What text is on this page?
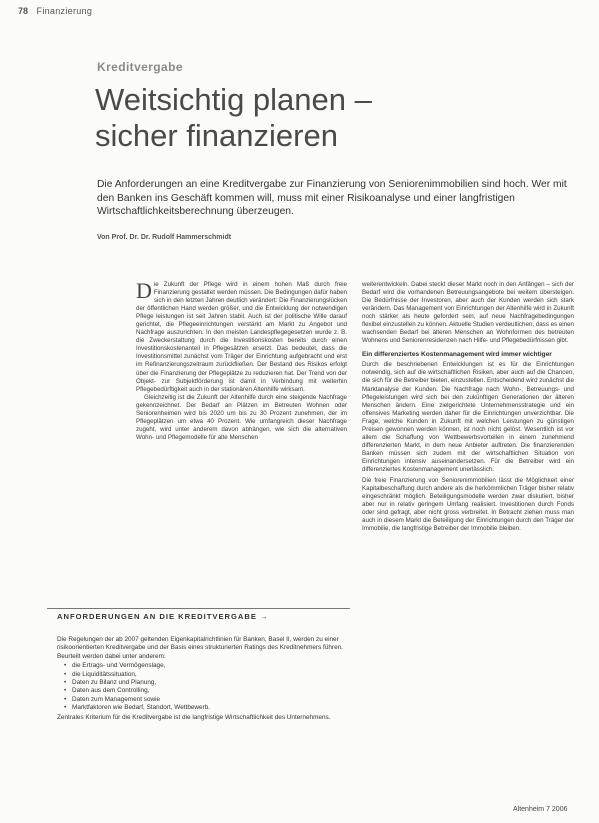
78 Finanzierung
Kreditvergabe
Weitsichtig planen –
sicher finanzieren
Die Anforderungen an eine Kreditvergabe zur Finanzierung von Seniorenimmobilien sind hoch. Wer mit den Banken ins Geschäft kommen will, muss mit einer Risikoanalyse und einer langfristigen Wirtschaftlichkeitsberechnung überzeugen.
Von Prof. Dr. Dr. Rudolf Hammerschmidt

Die Zukunft der Pflege wird in einem hohen Maß durch freie Finanzierung gestaltet werden müssen. Die Bedingungen dafür haben sich in den letzten Jahren deutlich verändert: Die Finanzierungslücken der öffentlichen Hand werden größer, und die Entwicklung der notwendigen Pflege leistungen ist seit Jahren stabil. Auch ist der politische Wille darauf gerichtet, die Pflegeeinrichtungen verstärkt am Markt zu Angebot und Nachfrage auszurichten. In den meisten Landespflegegesetzen wurde z. B. die Zweckerstattung durch die Investitionskosten bereits durch einen Investitionskostenanteil in Pflegesätzen ersetzt. Das bedeutet, dass die Investitionsmittel zunächst vom Träger der Einrichtung aufgebracht und erst im Refinanzierungszeitraum zurückfließen. Der Bestand des Risikos erfolgt über die Finanzierung der Pflegeplätze zu reduzieren hat. Der Trend von der Objekt- zur Subjektförderung ist damit in Verbindung mit weiterhin Pflegebedürftigkeit auch in der stationären Altenhilfe wirksam.

Gleichzeitig ist die Zukunft der Altenhilfe durch eine steigende Nachfrage gekennzeichnet. Der Bedarf an Plätzen im Betreuten Wohnen oder Seniorenheimen wird bis 2020 um bis zu 30 Prozent zunehmen, der im Pflegeplätzen um etwa 40 Prozent. Wie umfangreich dieser Nachfrage zugeht, wird unter anderem davon abhängen, wie sich die alternativen Wohn- und Pflegemodelle für alte Menschen

weiterentwickeln. Dabei steckt dieser Markt noch in den Anfängen – sich der Bedarf wird die vorhandenen Betreuungsangebote bei weitem übersteigen. Die Bedürfnisse der Investoren, aber auch der Kunden werden sich stark verändern. Das Management von Einrichtungen der Altenhilfe wird in Zukunft noch stärker als heute gefordert sein, auf neue Nachfragebedingungen flexibel einzustellen zu können. Aktuelle Studien verdeutlichen, dass es einen wachsenden Bedarf bei älteren Menschen an Wohnformen des betreuten Wohnens und Seniorenresidenzen nach Hilfe- und Pflegebedürfnissen gibt.

Ein differenziertes Kostenmanagement wird immer wichtiger

Durch die beschriebenen Entwicklungen ist es für die Einrichtungen notwendig, sich auf die wirtschaftlichen Risiken, aber auch auf die Chancen, die sich für die Betreiber bieten, einzustellen. Entscheidend wird zunächst die Marktanalyse der Kunden. Die Nachfrage nach Wohn-, Betreuungs- und Pflegeleistungen wird sich bei den zukünftigen Generationen der älteren Menschen ändern. Eine zielgerichtete Unternehmensstrategie und ein offensives Marketing werden daher für die Einrichtungen unverzichtbar. Die Frage, welche Kunden in Zukunft mit welchen Leistungen zu günstigen Preisen gewonnen werden können, ist noch nicht gelöst. Wesentlich ist vor allem die Schaffung von Wettbewerbsvorteilen in einem zunehmend differenzierten Markt, in dem neue Anbieter auftreten. Die finanzierenden Banken müssen sich zudem mit der wirtschaftlichen Situation von Einrichtungen intensiv auseinandersetzen. Für die Betreiber wird ein differenziertes Kostenmanagement unerlässlich.

Die freie Finanzierung von Seniorenimmobilien lässt die Möglichkeit einer Kapitalbeschaffung durch andere als die herkömmlichen Träger bisher relativ eingeschränkt möglich. Beteiligungsmodelle werden zwar diskutiert, bisher aber nur in relativ geringem Umfang realisiert. Investitionen durch Fonds oder sind gefragt, aber nicht gross verbreitet. In Betracht ziehen muss man auch in diesem Markt die Beteiligung der Einrichtungen durch den Träger der Immobilie, die langfristige Betreiber der Immobilie bleiben.

ANFORDERUNGEN AN DIE KREDITVERGABE →

Die Regelungen der ab 2007 geltenden Eigenkapitalrichtlinien für Banken, Basel II, werden zu einer risikoorientierten Kreditvergabe und der Basis eines strukturierten Ratings des Kreditnehmers führen. Beurteilt werden dabei unter anderem:

• die Ertrags- und Vermögenslage,
• die Liquiditätssituation,
• Daten zu Bilanz und Planung,
• Daten aus dem Controlling,
• Daten zum Management sowie
• Marktfaktoren wie Bedarf, Standort, Wettbewerb.

Zentrales Kriterium für die Kreditvergabe ist die langfristige Wirtschaftlichkeit des Unternehmens.

Altenheim 7 2006
